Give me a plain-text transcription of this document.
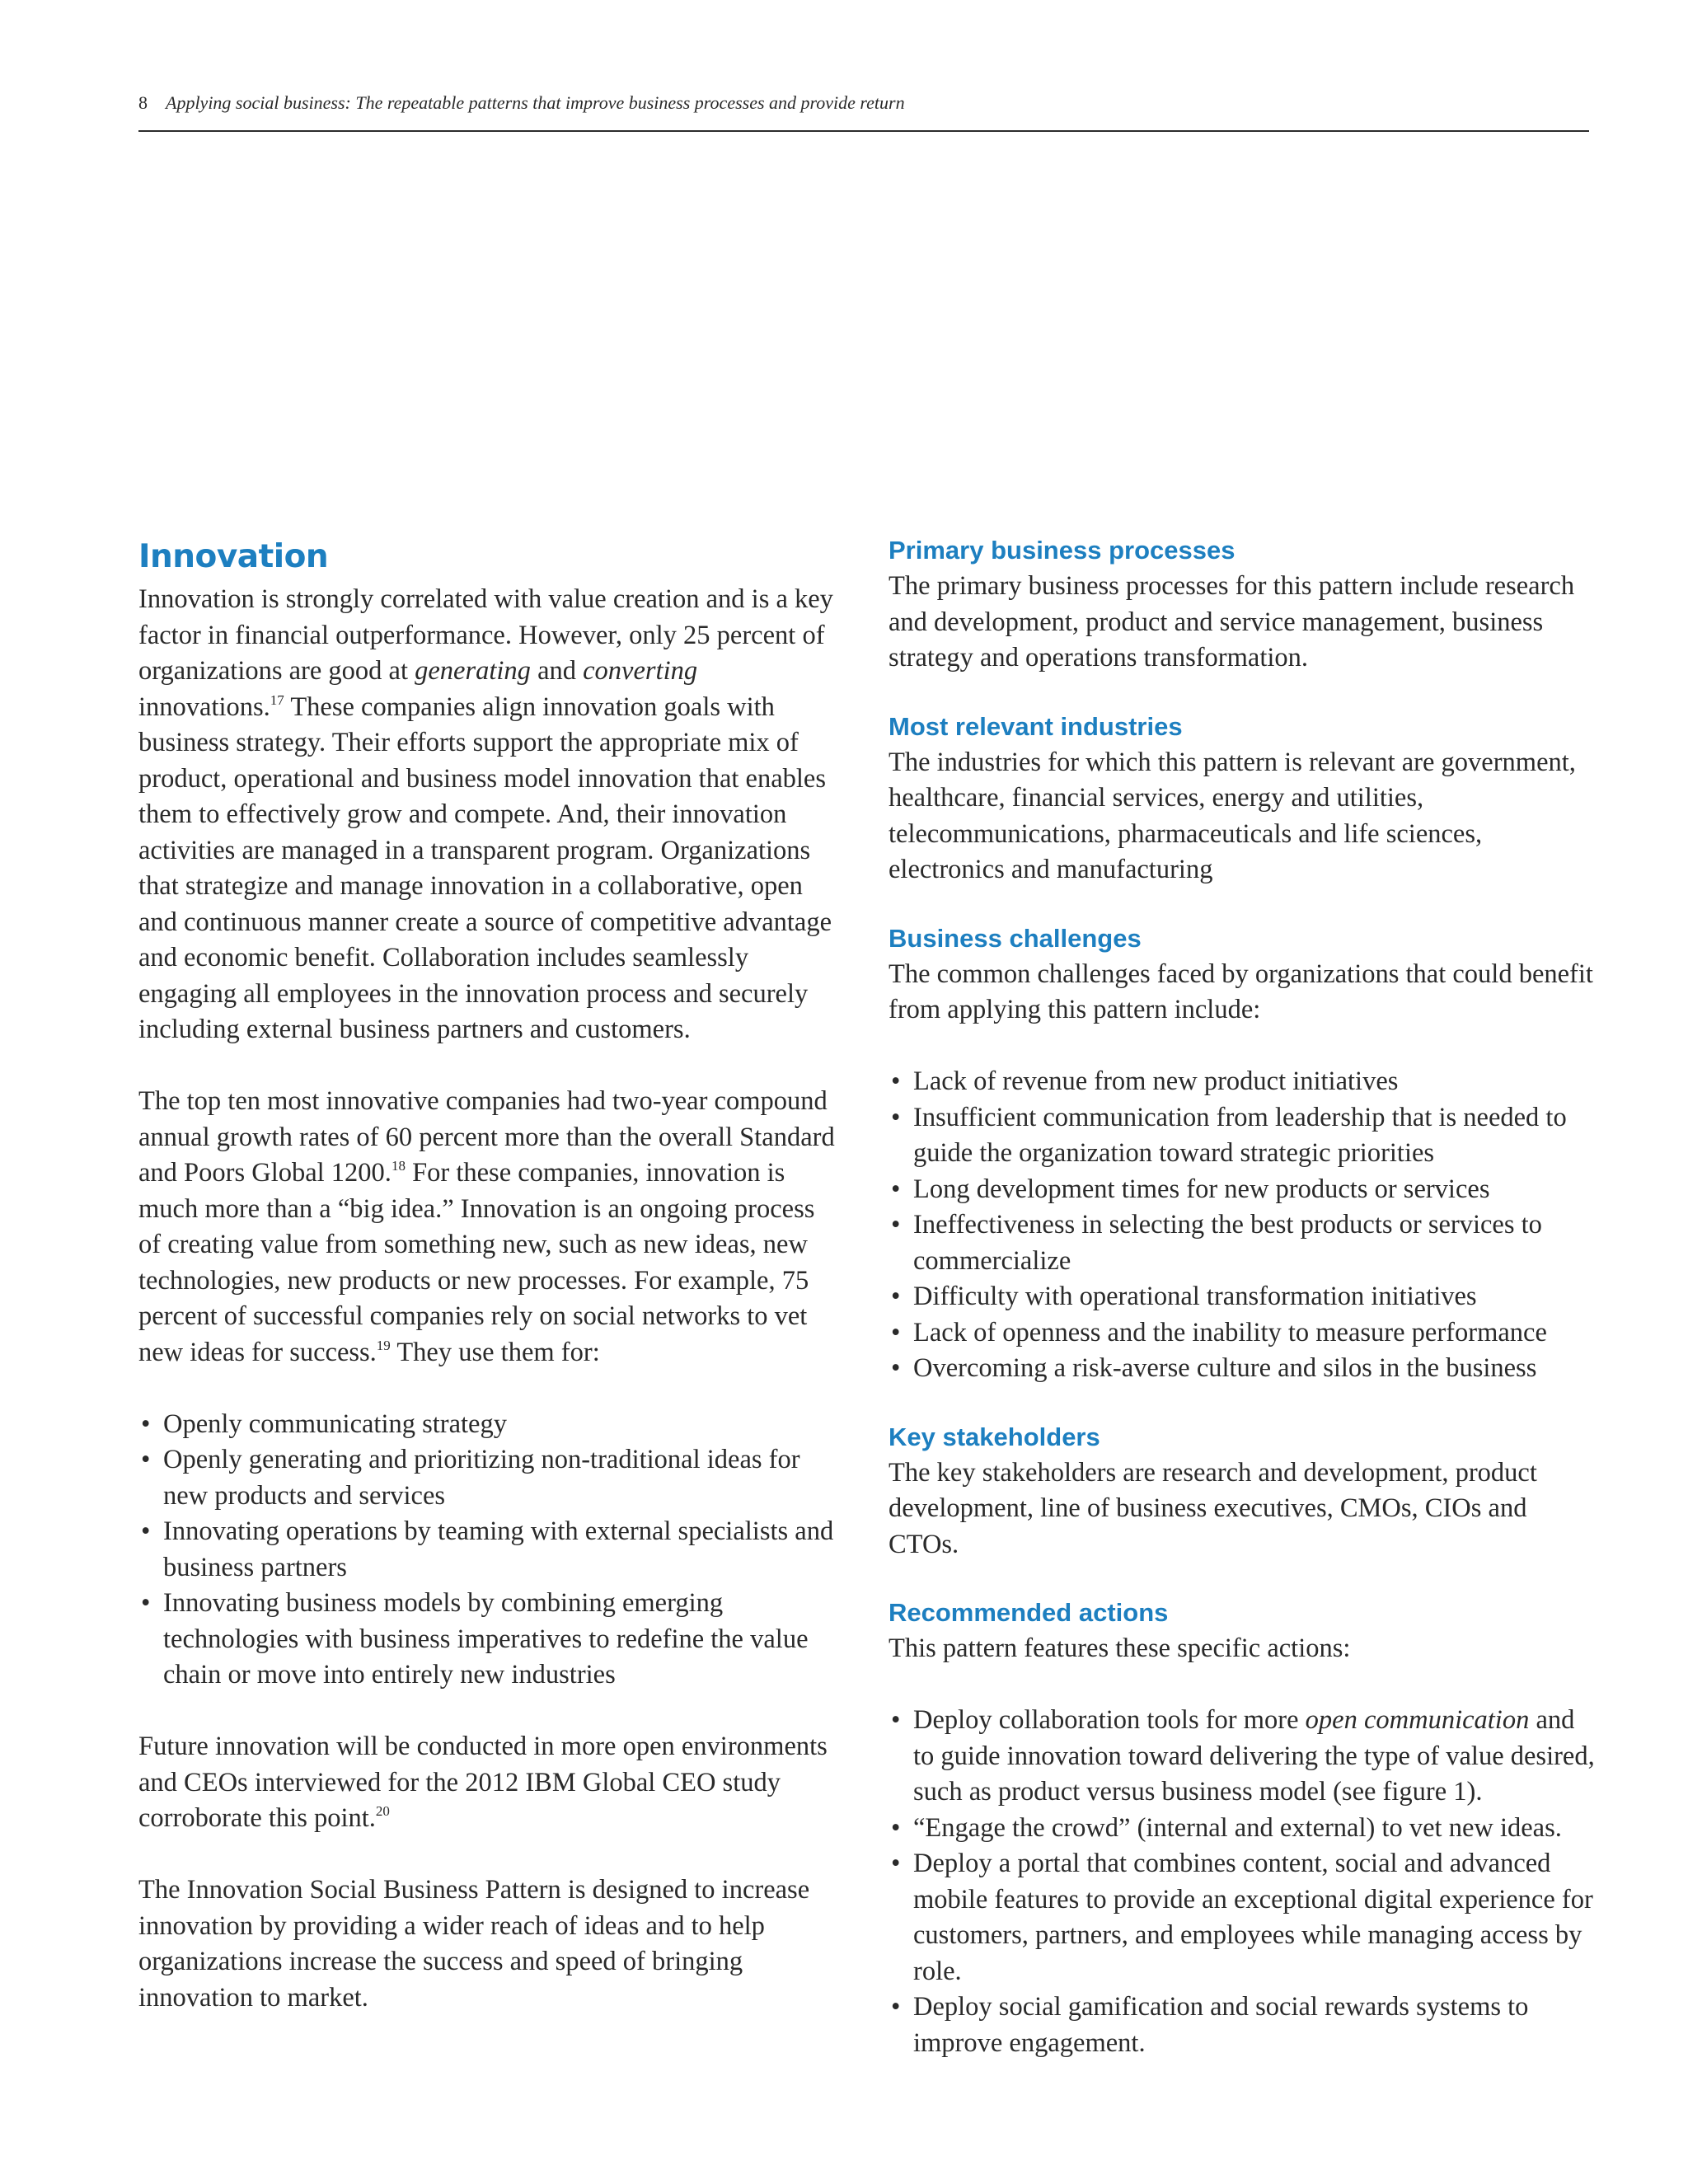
8 Applying social business: The repeatable patterns that improve business processes and provide return
Innovation

Innovation is strongly correlated with value creation and is a key factor in financial outperformance. However, only 25 percent of organizations are good at generating and converting innovations.$^{17}$ These companies align innovation goals with business strategy. Their efforts support the appropriate mix of product, operational and business model innovation that enables them to effectively grow and compete. And, their innovation activities are managed in a transparent program. Organizations that strategize and manage innovation in a collaborative, open and continuous manner create a source of competitive advantage and economic benefit. Collaboration includes seamlessly engaging all employees in the innovation process and securely including external business partners and customers.

The top ten most innovative companies had two-year compound annual growth rates of 60 percent more than the overall Standard and Poors Global 1200.18 For these companies, innovation is much more than a “big idea.” Innovation is an ongoing process of creating value from something new, such as new ideas, new technologies, new products or new processes. For example, 75 percent of successful companies rely on social networks to vet new ideas for success.$^{19}$ They use them for:

• Openly communicating strategy
• Openly generating and prioritizing non-traditional ideas for new products and services
• Innovating operations by teaming with external specialists and business partners
• Innovating business models by combining emerging technologies with business imperatives to redefine the value chain or move into entirely new industries

Future innovation will be conducted in more open environments and CEOs interviewed for the 2012 IBM Global CEO study corroborate this point.$^{20}$

The Innovation Social Business Pattern is designed to increase innovation by providing a wider reach of ideas and to help organizations increase the success and speed of bringing innovation to market.

Primary business processes

The primary business processes for this pattern include research and development, product and service management, business strategy and operations transformation.

Most relevant industries

The industries for which this pattern is relevant are government, healthcare, financial services, energy and utilities, telecommunications, pharmaceuticals and life sciences, electronics and manufacturing

Business challenges

The common challenges faced by organizations that could benefit from applying this pattern include:

• Lack of revenue from new product initiatives
• Insufficient communication from leadership that is needed to guide the organization toward strategic priorities
• Long development times for new products or services
• Ineffectiveness in selecting the best products or services to commercialize
• Difficulty with operational transformation initiatives
• Lack of openness and the inability to measure performance
• Overcoming a risk-averse culture and silos in the business
Key stakeholders

The key stakeholders are research and development, product development, line of business executives, CMOs, CIOs and CTOs.

Recommended actions

This pattern features these specific actions:

• Deploy collaboration tools for more open communication and to guide innovation toward delivering the type of value desired, such as product versus business model (see figure 1).
• “Engage the crowd” (internal and external) to vet new ideas.
• Deploy a portal that combines content, social and advanced mobile features to provide an exceptional digital experience for customers, partners, and employees while managing access by role.
• Deploy social gamification and social rewards systems to improve engagement.
